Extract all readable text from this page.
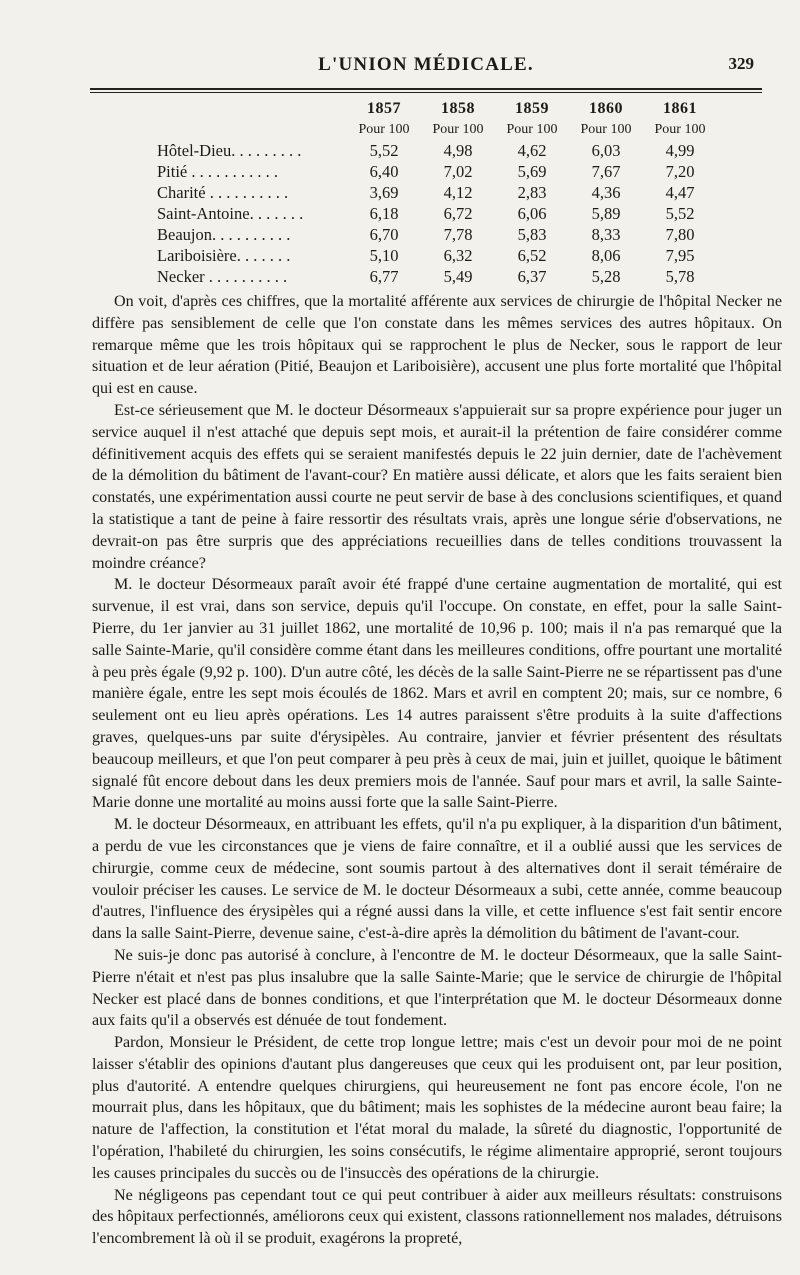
L'UNION MÉDICALE.	329
1857	1858	1859	1860	1861
Pour 100	Pour 100	Pour 100	Pour 100	Pour 100
Hôtel-Dieu. . . . . . . . .	5,52	4,98	4,62	6,03	4,99
Pitié . . . . . . . . . . .	6,40	7,02	5,69	7,67	7,20
Charité . . . . . . . . . .	3,69	4,12	2,83	4,36	4,47
Saint-Antoine. . . . . . .	6,18	6,72	6,06	5,89	5,52
Beaujon. . . . . . . . . .	6,70	7,78	5,83	8,33	7,80
Lariboisière. . . . . . .	5,10	6,32	6,52	8,06	7,95
Necker . . . . . . . . . .	6,77	5,49	6,37	5,28	5,78

On voit, d'après ces chiffres, que la mortalité afférente aux services de chirurgie de l'hôpital Necker ne diffère pas sensiblement de celle que l'on constate dans les mêmes services des autres hôpitaux. On remarque même que les trois hôpitaux qui se rapprochent le plus de Necker, sous le rapport de leur situation et de leur aération (Pitié, Beaujon et Lariboisière), accusent une plus forte mortalité que l'hôpital qui est en cause.

Est-ce sérieusement que M. le docteur Désormeaux s'appuierait sur sa propre expérience pour juger un service auquel il n'est attaché que depuis sept mois, et aurait-il la prétention de faire considérer comme définitivement acquis des effets qui se seraient manifestés depuis le 22 juin dernier, date de l'achèvement de la démolition du bâtiment de l'avant-cour? En matière aussi délicate, et alors que les faits seraient bien constatés, une expérimentation aussi courte ne peut servir de base à des conclusions scientifiques, et quand la statistique a tant de peine à faire ressortir des résultats vrais, après une longue série d'observations, ne devrait-on pas être surpris que des appréciations recueillies dans de telles conditions trouvassent la moindre créance?

M. le docteur Désormeaux paraît avoir été frappé d'une certaine augmentation de mortalité, qui est survenue, il est vrai, dans son service, depuis qu'il l'occupe. On constate, en effet, pour la salle Saint-Pierre, du 1er janvier au 31 juillet 1862, une mortalité de 10,96 p. 100; mais il n'a pas remarqué que la salle Sainte-Marie, qu'il considère comme étant dans les meilleures conditions, offre pourtant une mortalité à peu près égale (9,92 p. 100). D'un autre côté, les décès de la salle Saint-Pierre ne se répartissent pas d'une manière égale, entre les sept mois écoulés de 1862. Mars et avril en comptent 20; mais, sur ce nombre, 6 seulement ont eu lieu après opérations. Les 14 autres paraissent s'être produits à la suite d'affections graves, quelques-uns par suite d'érysipèles. Au contraire, janvier et février présentent des résultats beaucoup meilleurs, et que l'on peut comparer à peu près à ceux de mai, juin et juillet, quoique le bâtiment signalé fût encore debout dans les deux premiers mois de l'année. Sauf pour mars et avril, la salle Sainte-Marie donne une mortalité au moins aussi forte que la salle Saint-Pierre.

M. le docteur Désormeaux, en attribuant les effets, qu'il n'a pu expliquer, à la disparition d'un bâtiment, a perdu de vue les circonstances que je viens de faire connaître, et il a oublié aussi que les services de chirurgie, comme ceux de médecine, sont soumis partout à des alternatives dont il serait téméraire de vouloir préciser les causes. Le service de M. le docteur Désormeaux a subi, cette année, comme beaucoup d'autres, l'influence des érysipèles qui a régné aussi dans la ville, et cette influence s'est fait sentir encore dans la salle Saint-Pierre, devenue saine, c'est-à-dire après la démolition du bâtiment de l'avant-cour.

Ne suis-je donc pas autorisé à conclure, à l'encontre de M. le docteur Désormeaux, que la salle Saint-Pierre n'était et n'est pas plus insalubre que la salle Sainte-Marie; que le service de chirurgie de l'hôpital Necker est placé dans de bonnes conditions, et que l'interprétation que M. le docteur Désormeaux donne aux faits qu'il a observés est dénuée de tout fondement.

Pardon, Monsieur le Président, de cette trop longue lettre; mais c'est un devoir pour moi de ne point laisser s'établir des opinions d'autant plus dangereuses que ceux qui les produisent ont, par leur position, plus d'autorité. A entendre quelques chirurgiens, qui heureusement ne font pas encore école, l'on ne mourrait plus, dans les hôpitaux, que du bâtiment; mais les sophistes de la médecine auront beau faire; la nature de l'affection, la constitution et l'état moral du malade, la sûreté du diagnostic, l'opportunité de l'opération, l'habileté du chirurgien, les soins consécutifs, le régime alimentaire approprié, seront toujours les causes principales du succès ou de l'insuccès des opérations de la chirurgie.

Ne négligeons pas cependant tout ce qui peut contribuer à aider aux meilleurs résultats: construisons des hôpitaux perfectionnés, améliorons ceux qui existent, classons rationnellement nos malades, détruisons l'encombrement là où il se produit, exagérons la propreté,
